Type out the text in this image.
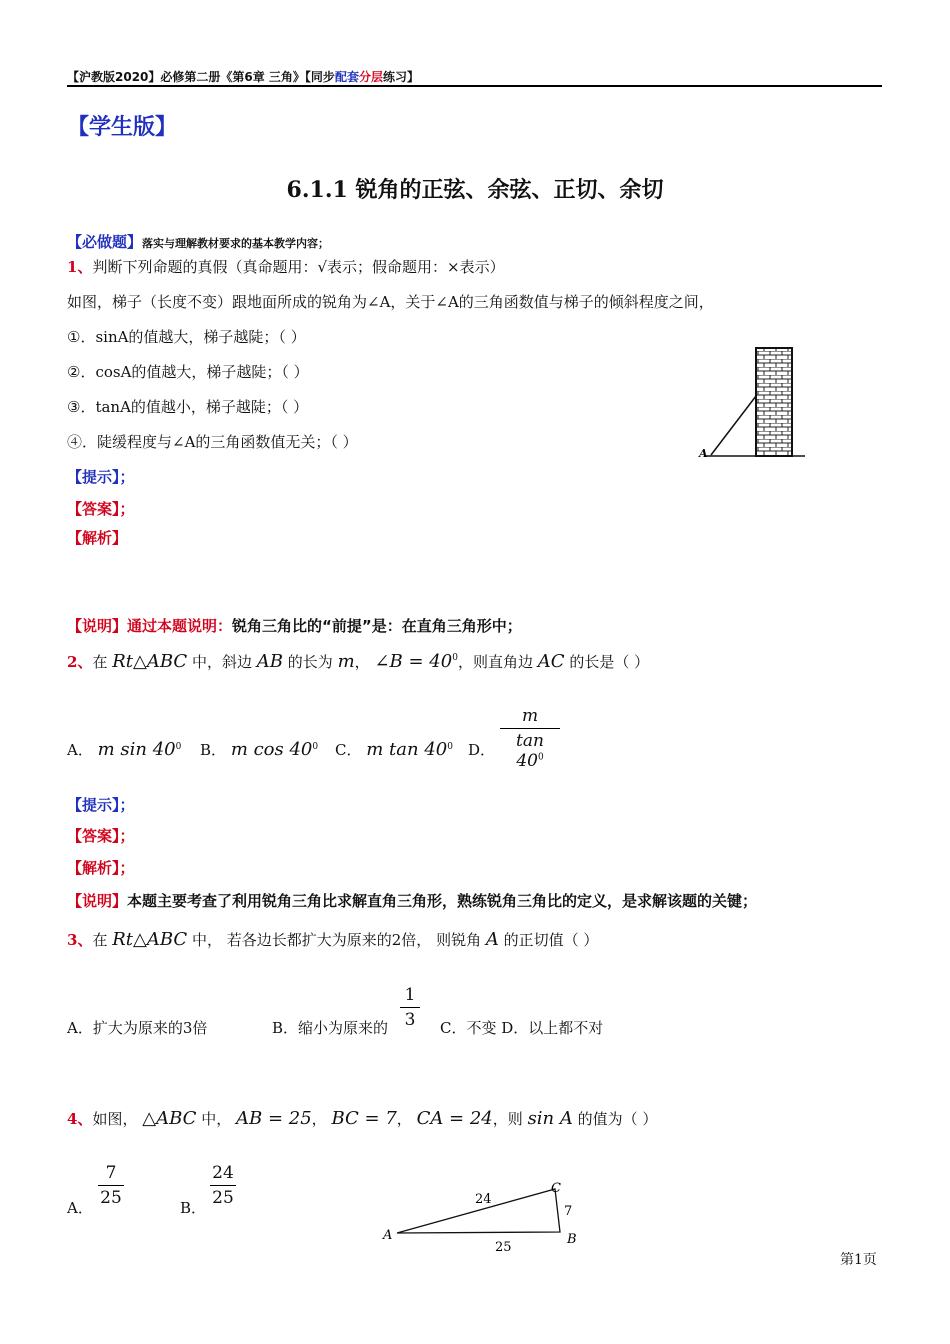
【沪教版2020】必修第二册《第6章 三角》【同步配套分层练习】
【学生版】
6.1.1 锐角的正弦、余弦、正切、余切
【必做题】落实与理解教材要求的基本教学内容；
1、判断下列命题的真假（真命题用：√表示；假命题用：×表示）
如图，梯子（长度不变）跟地面所成的锐角为∠A，关于∠A的三角函数值与梯子的倾斜程度之间，
①．sinA的值越大，梯子越陡；（ ）
②．cosA的值越大，梯子越陡；（ ）
③．tanA的值越小，梯子越陡；（ ）
④．陡缓程度与∠A的三角函数值无关；（ ）
A
【提示】；
【答案】；
【解析】
【说明】通过本题说明：锐角三角比的“前提”是：在直角三角形中；
2、在 Rt△ABC 中，斜边 AB 的长为 m， ∠B = $40^0$，则直角边 AC 的长是（ ）
A． m $\sin 40^0$ B． m $\cos 40^0$ C． m $\tan 40^0$ D．
m
$\tan 40^0$
【提示】；
【答案】；
【解析】；
【说明】本题主要考查了利用锐角三角比求解直角三角形，熟练锐角三角比的定义，是求解该题的关键；
3、在 Rt△ABC 中， 若各边长都扩大为原来的2倍， 则锐角 A 的正切值（ ）
A．扩大为原来的3倍	B．缩小为原来的
1
3	C．不变 D．以上都不对
4、如图， △ABC 中， AB = 25， BC = 7， CA = 24，则 sin A 的值为（ ）
A．
7
25	B．
24
25
A	B
C
24
7
25
第1页
